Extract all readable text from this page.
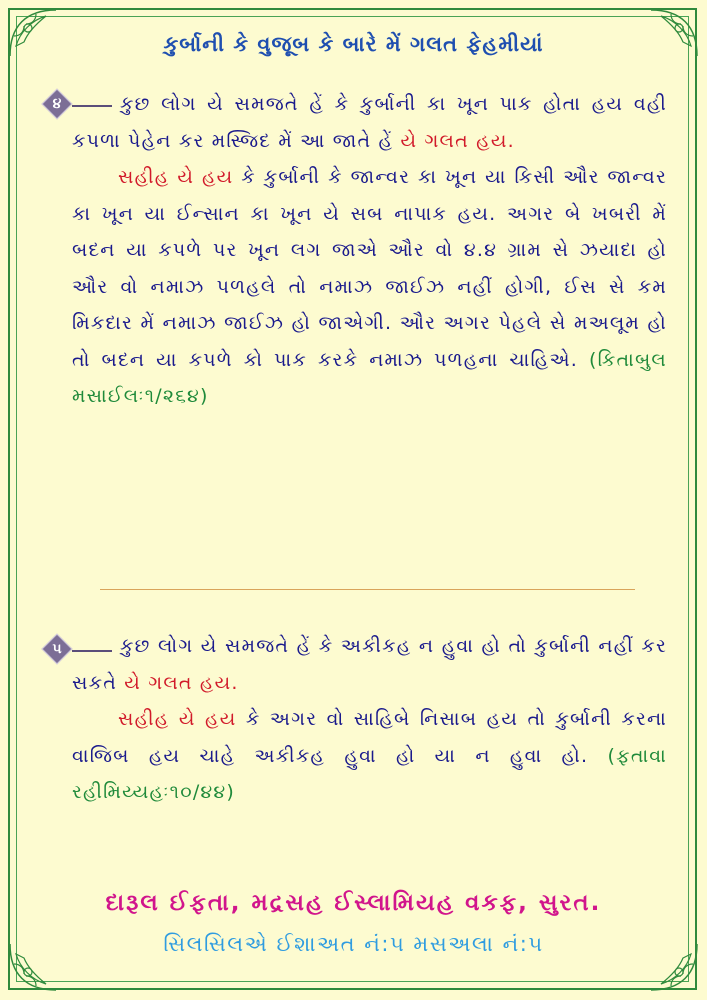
કુર્બાની કે વુજૂબ કે બારે મેં ગલત ફેહમીયાં
૪	કુછ લોગ યે સમજતે હેં કે કુર્બાની કા ખૂન પાક હોતા હય વહી કપળા પેહેન કર મસ્જિદ મેં આ જાતે હેં યે ગલત હય.

સહીહ યે હય કે કુર્બાની કે જાન્વર કા ખૂન યા કિસી ઔર જાન્વર કા ખૂન યા ઈન્સાન કા ખૂન યે સબ નાપાક હય. અગર બે ખબરી મેં બદન યા કપળે પર ખૂન લગ જાએ ઔર વો ૪.૪ ગ્રામ સે ઝયાદા હો ઔર વો નમાઝ પળહલે તો નમાઝ જાઈઝ નહીં હોગી, ઈસ સે કમ મિકદાર મેં નમાઝ જાઈઝ હો જાએગી. ઔર અગર પેહલે સે મઅલૂમ હો તો બદન યા કપળે કો પાક કરકે નમાઝ પળહના ચાહિએ. (કિતાબુલ મસાઈલઃ૧/૨૬૪)

૫	કુછ લોગ યે સમજતે હેં કે અકીકહ ન હુવા હો તો કુર્બાની નહીં કર સકતે યે ગલત હય.

સહીહ યે હય કે અગર વો સાહિબે નિસાબ હય તો કુર્બાની કરના વાજિબ હય ચાહે અકીકહ હુવા હો યા ન હુવા હો. (ફતાવા રહીમિય્યહઃ૧૦/૪૪)

દારૂલ ઈફતા, મદ્રસહ ઈસ્લામિયહ વકફ, સુરત.
સિલસિલએ ઈશાઅત નં:૫ મસઅલા નં:૫
